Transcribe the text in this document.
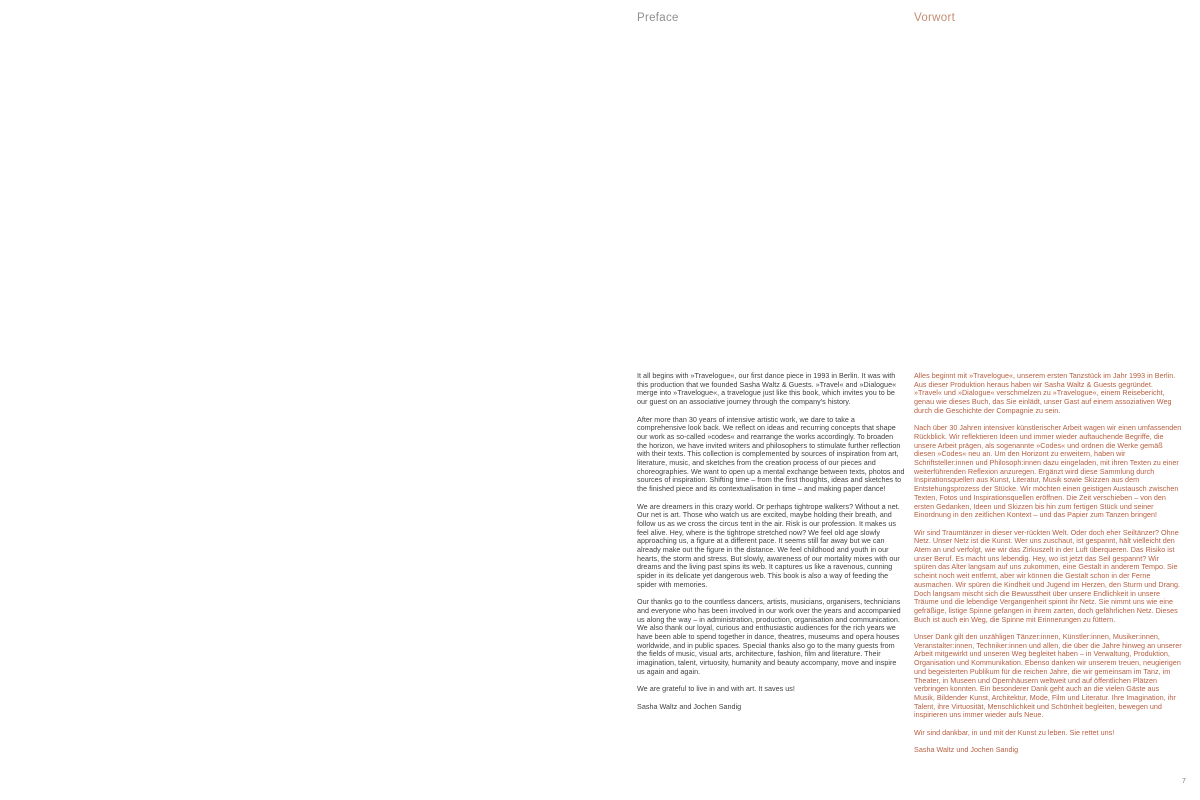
Preface	Vorwort

It all begins with »Travelogue«, our first dance piece in 1993 in Berlin. It was with this production that we founded Sasha Waltz & Guests. »Travel« and »Dialogue« merge into »Travelogue«, a travelogue just like this book, which invites you to be our guest on an associative journey through the company's history.

After more than 30 years of intensive artistic work, we dare to take a comprehensive look back. We reflect on ideas and recurring concepts that shape our work as so-called »codes« and rearrange the works accordingly. To broaden the horizon, we have invited writers and philosophers to stimulate further reflection with their texts. This collection is complemented by sources of inspiration from art, literature, music, and sketches from the creation process of our pieces and choreographies. We want to open up a mental exchange between texts, photos and sources of inspiration. Shifting time – from the first thoughts, ideas and sketches to the finished piece and its contextualisation in time – and making paper dance!

We are dreamers in this crazy world. Or perhaps tightrope walkers? Without a net. Our net is art. Those who watch us are excited, maybe holding their breath, and follow us as we cross the circus tent in the air. Risk is our profession. It makes us feel alive. Hey, where is the tightrope stretched now? We feel old age slowly approaching us, a figure at a different pace. It seems still far away but we can already make out the figure in the distance. We feel childhood and youth in our hearts, the storm and stress. But slowly, awareness of our mortality mixes with our dreams and the living past spins its web. It captures us like a ravenous, cunning spider in its delicate yet dangerous web. This book is also a way of feeding the spider with memories.

Our thanks go to the countless dancers, artists, musicians, organisers, technicians and everyone who has been involved in our work over the years and accompanied us along the way – in administration, production, organisation and communication. We also thank our loyal, curious and enthusiastic audiences for the rich years we have been able to spend together in dance, theatres, museums and opera houses worldwide, and in public spaces. Special thanks also go to the many guests from the fields of music, visual arts, architecture, fashion, film and literature. Their imagination, talent, virtuosity, humanity and beauty accompany, move and inspire us again and again.

We are grateful to live in and with art. It saves us!

Sasha Waltz and Jochen Sandig

Alles beginnt mit »Travelogue«, unserem ersten Tanzstück im Jahr 1993 in Berlin. Aus dieser Produktion heraus haben wir Sasha Waltz & Guests gegründet. »Travel« und »Dialogue« verschmelzen zu »Travelogue«, einem Reisebericht, genau wie dieses Buch, das Sie einlädt, unser Gast auf einem assoziativen Weg durch die Geschichte der Compagnie zu sein.

Nach über 30 Jahren intensiver künstlerischer Arbeit wagen wir einen umfassenden Rückblick. Wir reflektieren Ideen und immer wieder auftauchende Begriffe, die unsere Arbeit prägen, als sogenannte »Codes« und ordnen die Werke gemäß diesen »Codes« neu an. Um den Horizont zu erweitern, haben wir Schriftsteller:innen und Philosoph:innen dazu eingeladen, mit ihren Texten zu einer weiterführenden Reflexion anzuregen. Ergänzt wird diese Sammlung durch Inspirationsquellen aus Kunst, Literatur, Musik sowie Skizzen aus dem Entstehungsprozess der Stücke. Wir möchten einen geistigen Austausch zwischen Texten, Fotos und Inspirationsquellen eröffnen. Die Zeit verschieben – von den ersten Gedanken, Ideen und Skizzen bis hin zum fertigen Stück und seiner Einordnung in den zeitlichen Kontext – und das Papier zum Tanzen bringen!

Wir sind Traumtänzer in dieser ver-rückten Welt. Oder doch eher Seiltänzer? Ohne Netz. Unser Netz ist die Kunst. Wer uns zuschaut, ist gespannt, hält vielleicht den Atem an und verfolgt, wie wir das Zirkuszelt in der Luft überqueren. Das Risiko ist unser Beruf. Es macht uns lebendig. Hey, wo ist jetzt das Seil gespannt? Wir spüren das Alter langsam auf uns zukommen, eine Gestalt in anderem Tempo. Sie scheint noch weit entfernt, aber wir können die Gestalt schon in der Ferne ausmachen. Wir spüren die Kindheit und Jugend im Herzen, den Sturm und Drang. Doch langsam mischt sich die Bewusstheit über unsere Endlichkeit in unsere Träume und die lebendige Vergangenheit spinnt ihr Netz. Sie nimmt uns wie eine gefräßige, listige Spinne gefangen in ihrem zarten, doch gefährlichen Netz. Dieses Buch ist auch ein Weg, die Spinne mit Erinnerungen zu füttern.

Unser Dank gilt den unzähligen Tänzer:innen, Künstler:innen, Musiker:innen, Veranstalter:innen, Techniker:innen und allen, die über die Jahre hinweg an unserer Arbeit mitgewirkt und unseren Weg begleitet haben – in Verwaltung, Produktion, Organisation und Kommunikation. Ebenso danken wir unserem treuen, neugierigen und begeisterten Publikum für die reichen Jahre, die wir gemeinsam im Tanz, im Theater, in Museen und Opernhäusern weltweit und auf öffentlichen Plätzen verbringen konnten. Ein besonderer Dank geht auch an die vielen Gäste aus Musik, Bildender Kunst, Architektur, Mode, Film und Literatur. Ihre Imagination, ihr Talent, ihre Virtuosität, Menschlichkeit und Schönheit begleiten, bewegen und inspirieren uns immer wieder aufs Neue.

Wir sind dankbar, in und mit der Kunst zu leben. Sie rettet uns!

Sasha Waltz und Jochen Sandig

7
